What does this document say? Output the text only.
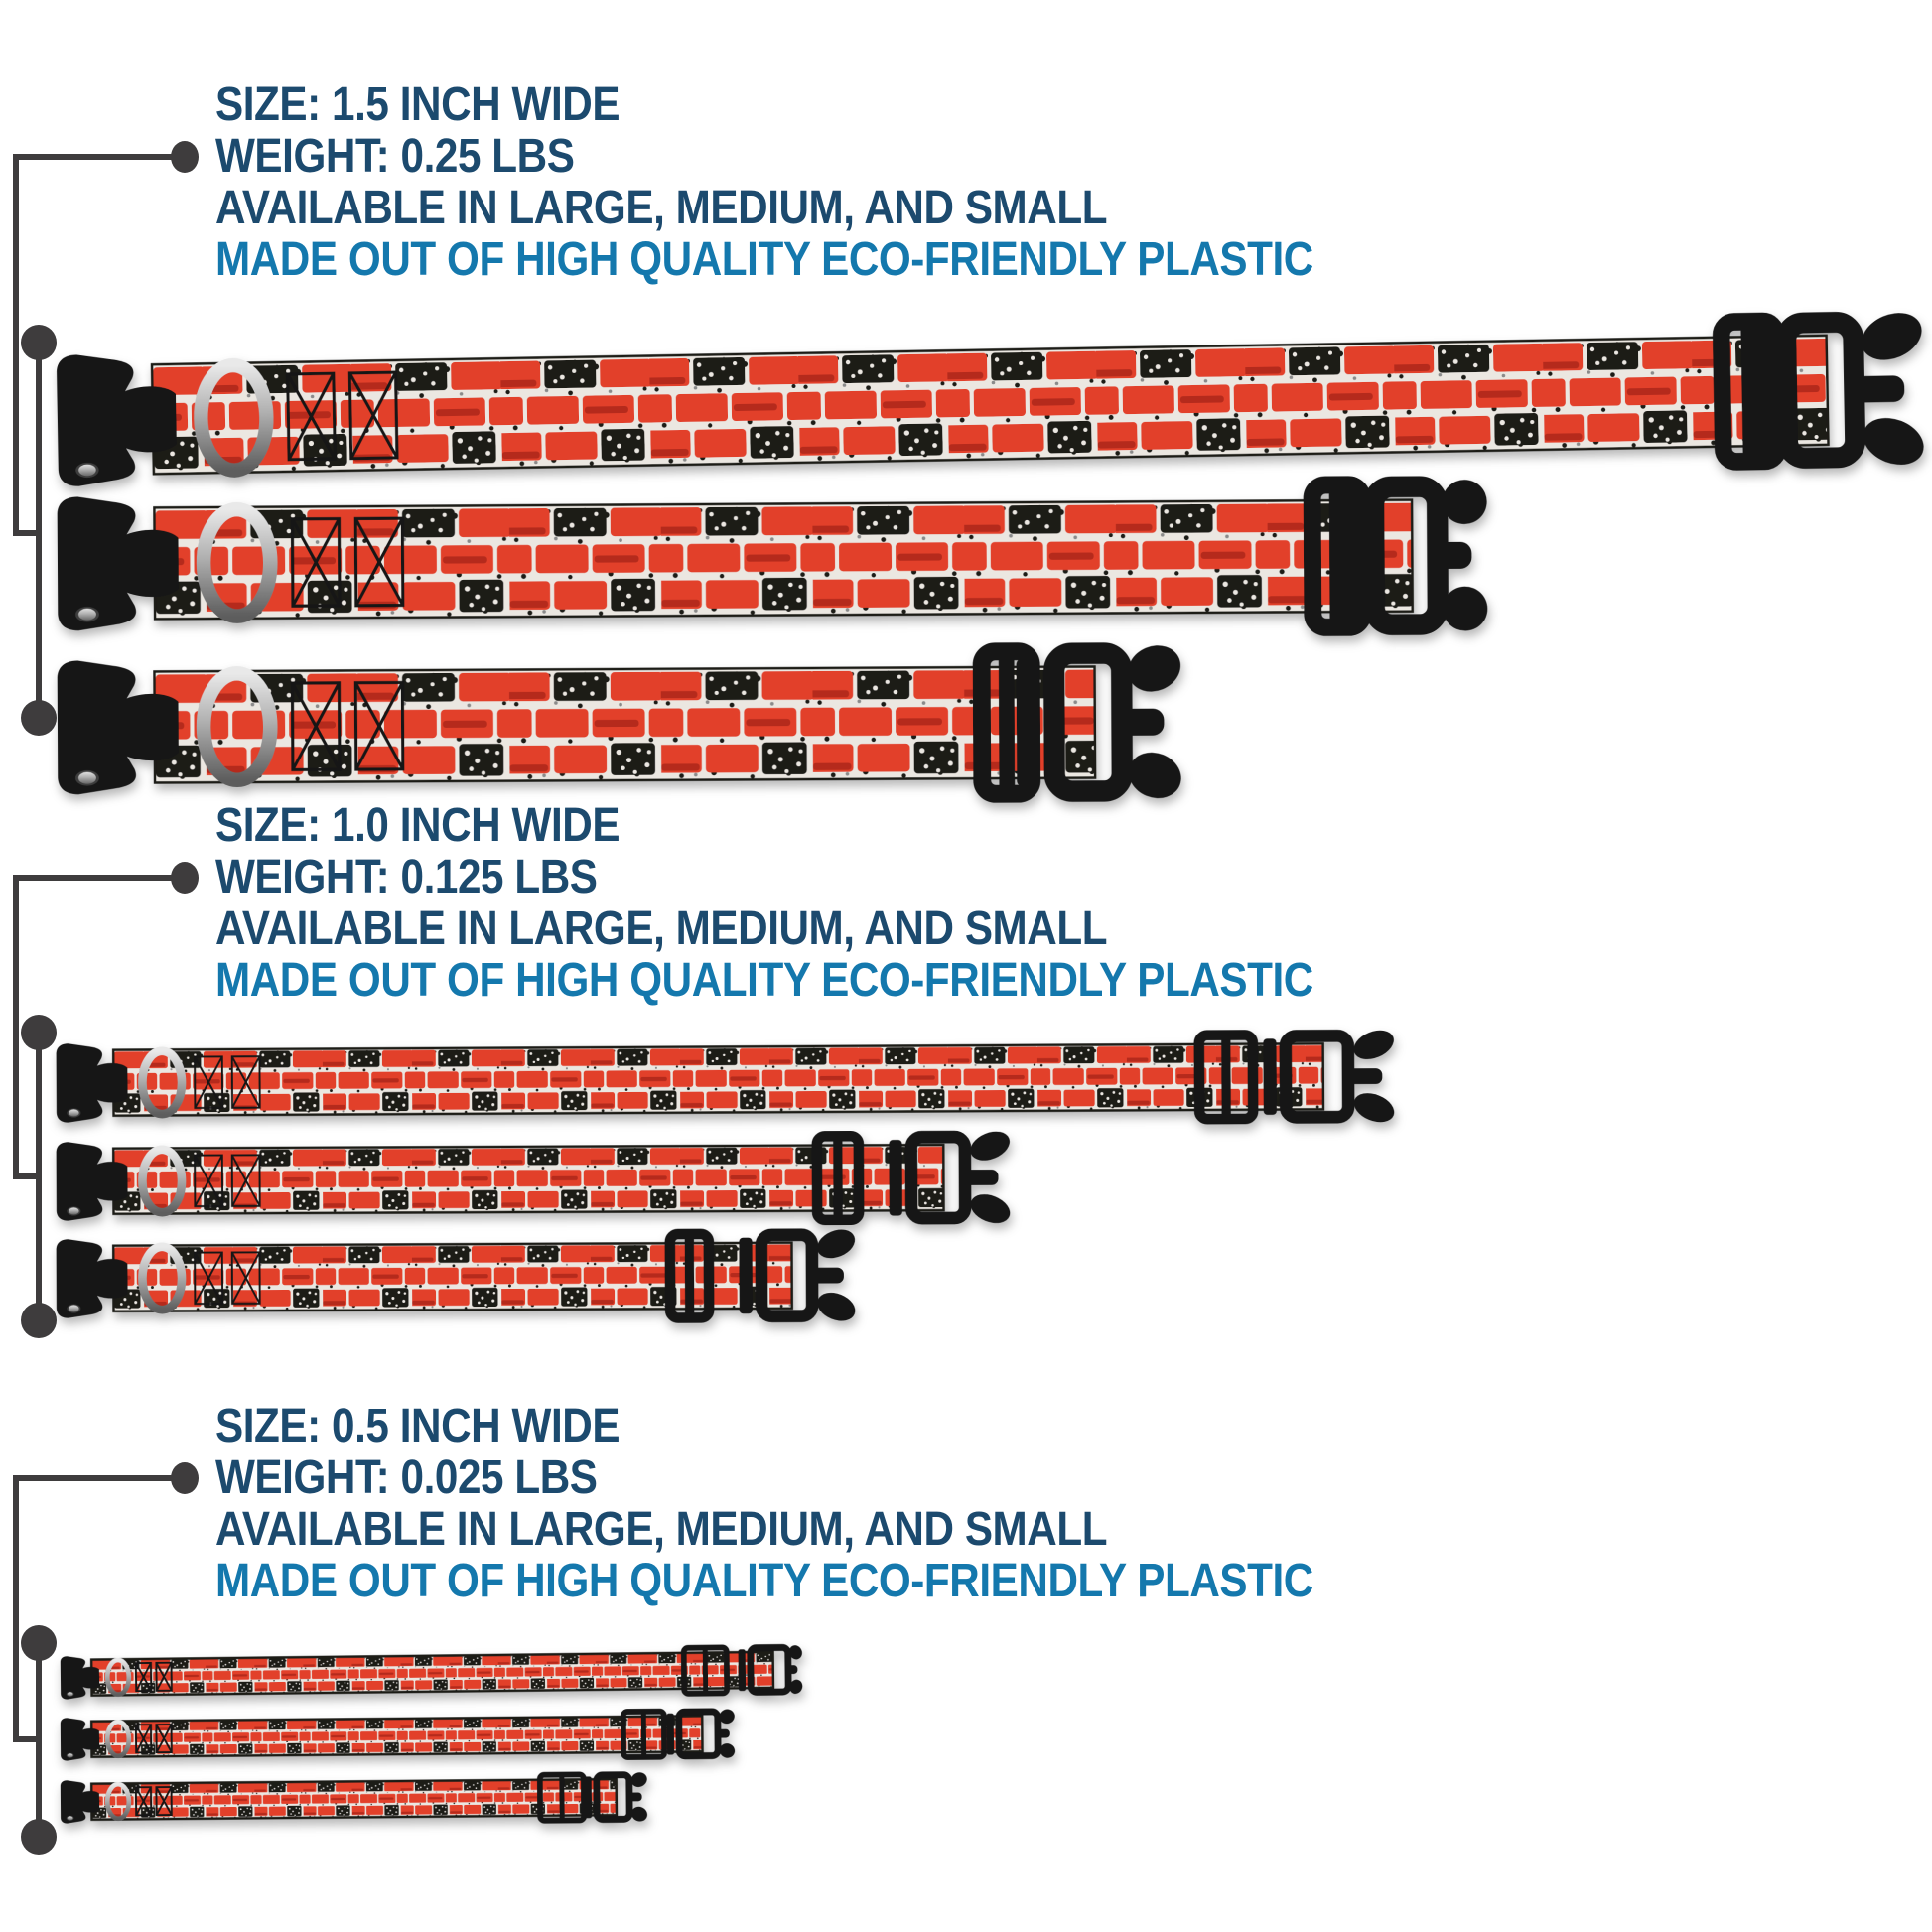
SIZE: 1.5 INCH WIDE
WEIGHT: 0.25 LBS
AVAILABLE IN LARGE, MEDIUM, AND SMALL
MADE OUT OF HIGH QUALITY ECO-FRIENDLY PLASTIC
SIZE: 1.0 INCH WIDE
WEIGHT: 0.125 LBS
AVAILABLE IN LARGE, MEDIUM, AND SMALL
MADE OUT OF HIGH QUALITY ECO-FRIENDLY PLASTIC
SIZE: 0.5 INCH WIDE
WEIGHT: 0.025 LBS
AVAILABLE IN LARGE, MEDIUM, AND SMALL
MADE OUT OF HIGH QUALITY ECO-FRIENDLY PLASTIC
